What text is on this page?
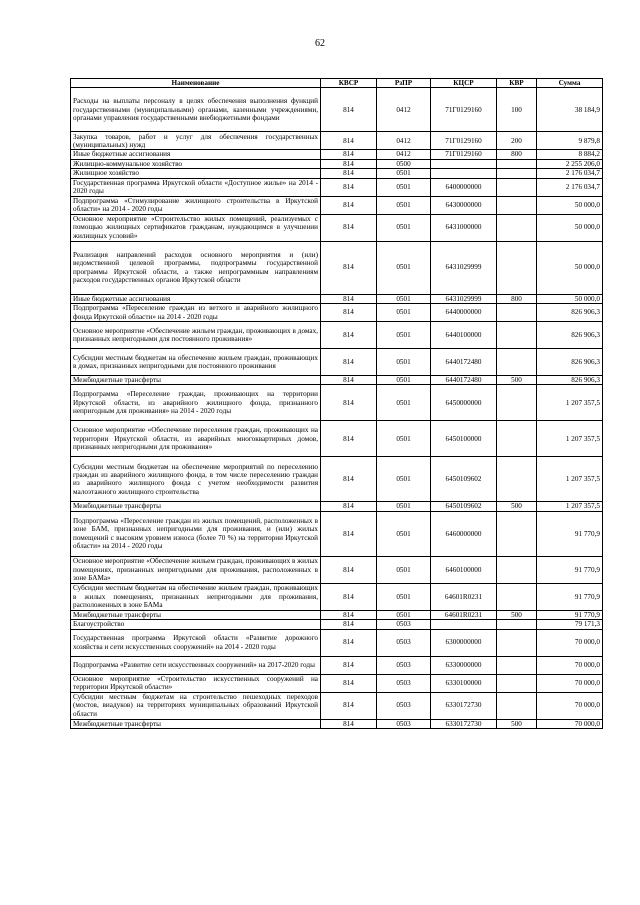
62
Наименование	КВСР	РзПР	КЦСР	КВР	Сумма
Расходы на выплаты персоналу в целях обеспечения выполнения функций государственными (муниципальными) органами, казенными учреждениями, органами управления государственными внебюджетными фондами	814	0412	71Г0129160	100	38 184,9
Закупка товаров, работ и услуг для обеспечения государственных (муниципальных) нужд	814	0412	71Г0129160	200	9 879,8
Иные бюджетные ассигнования	814	0412	71Г0129160	800	8 884,2
Жилищно-коммунальное хозяйство	814	0500			2 255 206,0
Жилищное хозяйство	814	0501			2 176 034,7
Государственная программа Иркутской области «Доступное жилье» на 2014 - 2020 годы	814	0501	6400000000		2 176 034,7
Подпрограмма «Стимулирование жилищного строительства в Иркутской области» на 2014 - 2020 годы	814	0501	6430000000		50 000,0
Основное мероприятие «Строительство жилых помещений, реализуемых с помощью жилищных сертификатов гражданам, нуждающимся в улучшении жилищных условий»	814	0501	6431000000		50 000,0
Реализация направлений расходов основного мероприятия и (или) ведомственной целевой программы, подпрограммы государственной программы Иркутской области, а также непрограммным направлениям расходов государственных органов Иркутской области	814	0501	6431029999		50 000,0
Иные бюджетные ассигнования	814	0501	6431029999	800	50 000,0
Подпрограмма «Переселение граждан из ветхого и аварийного жилищного фонда Иркутской области» на 2014 - 2020 годы	814	0501	6440000000		826 906,3
Основное мероприятие «Обеспечение жильем граждан, проживающих в домах, признанных непригодными для постоянного проживания»	814	0501	6440100000		826 906,3
Субсидии местным бюджетам на обеспечение жильем граждан, проживающих в домах, признанных непригодными для постоянного проживания	814	0501	6440172480		826 906,3
Межбюджетные трансферты	814	0501	6440172480	500	826 906,3
Подпрограмма «Переселение граждан, проживающих на территории Иркутской области, из аварийного жилищного фонда, признанного непригодным для проживания» на 2014 - 2020 годы	814	0501	6450000000		1 207 357,5
Основное мероприятие «Обеспечение переселения граждан, проживающих на территории Иркутской области, из аварийных многоквартирных домов, признанных непригодными для проживания»	814	0501	6450100000		1 207 357,5
Субсидии местным бюджетам на обеспечение мероприятий по переселению граждан из аварийного жилищного фонда, в том числе переселению граждан из аварийного жилищного фонда с учетом необходимости развития малоэтажного жилищного строительства	814	0501	6450109602		1 207 357,5
Межбюджетные трансферты	814	0501	6450109602	500	1 207 357,5
Подпрограмма «Переселение граждан из жилых помещений, расположенных в зоне БАМ, признанных непригодными для проживания, и (или) жилых помещений с высоким уровнем износа (более 70 %) на территории Иркутской области» на 2014 - 2020 годы	814	0501	6460000000		91 770,9
Основное мероприятие «Обеспечение жильем граждан, проживающих в жилых помещениях, признанных непригодными для проживания, расположенных в зоне БАМа»	814	0501	6460100000		91 770,9
Субсидии местным бюджетам на обеспечение жильем граждан, проживающих в жилых помещениях, признанных непригодными для проживания, расположенных в зоне БАМа	814	0501	64601R0231		91 770,9
Межбюджетные трансферты	814	0501	64601R0231	500	91 770,9
Благоустройство	814	0503			79 171,3
Государственная программа Иркутской области «Развитие дорожного хозяйства и сети искусственных сооружений» на 2014 - 2020 годы	814	0503	6300000000		70 000,0
Подпрограмма «Развитие сети искусственных сооружений» на 2017-2020 годы	814	0503	6330000000		70 000,0
Основное мероприятие «Строительство искусственных сооружений на территории Иркутской области»	814	0503	6330100000		70 000,0
Субсидии местным бюджетам на строительство пешеходных переходов (мостов, виадуков) на территориях муниципальных образований Иркутской области	814	0503	6330172730		70 000,0
Межбюджетные трансферты	814	0503	6330172730	500	70 000,0
